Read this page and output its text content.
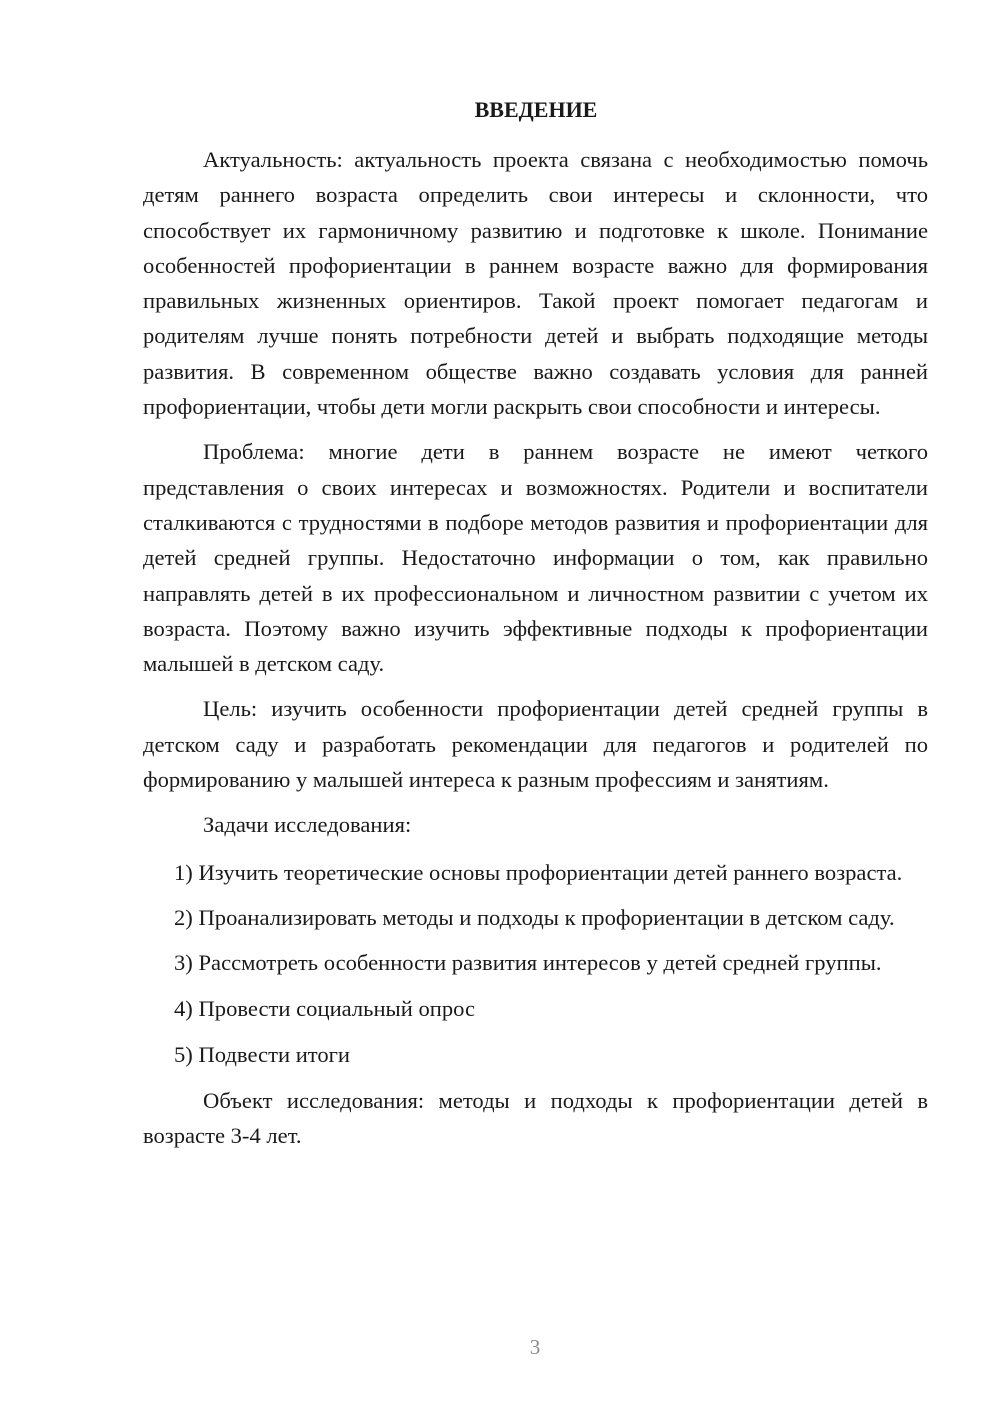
ВВЕДЕНИЕ

Актуальность: актуальность проекта связана с необходимостью помочь детям раннего возраста определить свои интересы и склонности, что способствует их гармоничному развитию и подготовке к школе. Понимание особенностей профориентации в раннем возрасте важно для формирования правильных жизненных ориентиров. Такой проект помогает педагогам и родителям лучше понять потребности детей и выбрать подходящие методы развития. В современном обществе важно создавать условия для ранней профориентации, чтобы дети могли раскрыть свои способности и интересы.

Проблема: многие дети в раннем возрасте не имеют четкого представления о своих интересах и возможностях. Родители и воспитатели сталкиваются с трудностями в подборе методов развития и профориентации для детей средней группы. Недостаточно информации о том, как правильно направлять детей в их профессиональном и личностном развитии с учетом их возраста. Поэтому важно изучить эффективные подходы к профориентации малышей в детском саду.

Цель: изучить особенности профориентации детей средней группы в детском саду и разработать рекомендации для педагогов и родителей по формированию у малышей интереса к разным профессиям и занятиям.

Задачи исследования:

1) Изучить теоретические основы профориентации детей раннего возраста.

2) Проанализировать методы и подходы к профориентации в детском саду.

3) Рассмотреть особенности развития интересов у детей средней группы.

4) Провести социальный опрос

5) Подвести итоги

Объект исследования: методы и подходы к профориентации детей в возрасте 3-4 лет.

3
